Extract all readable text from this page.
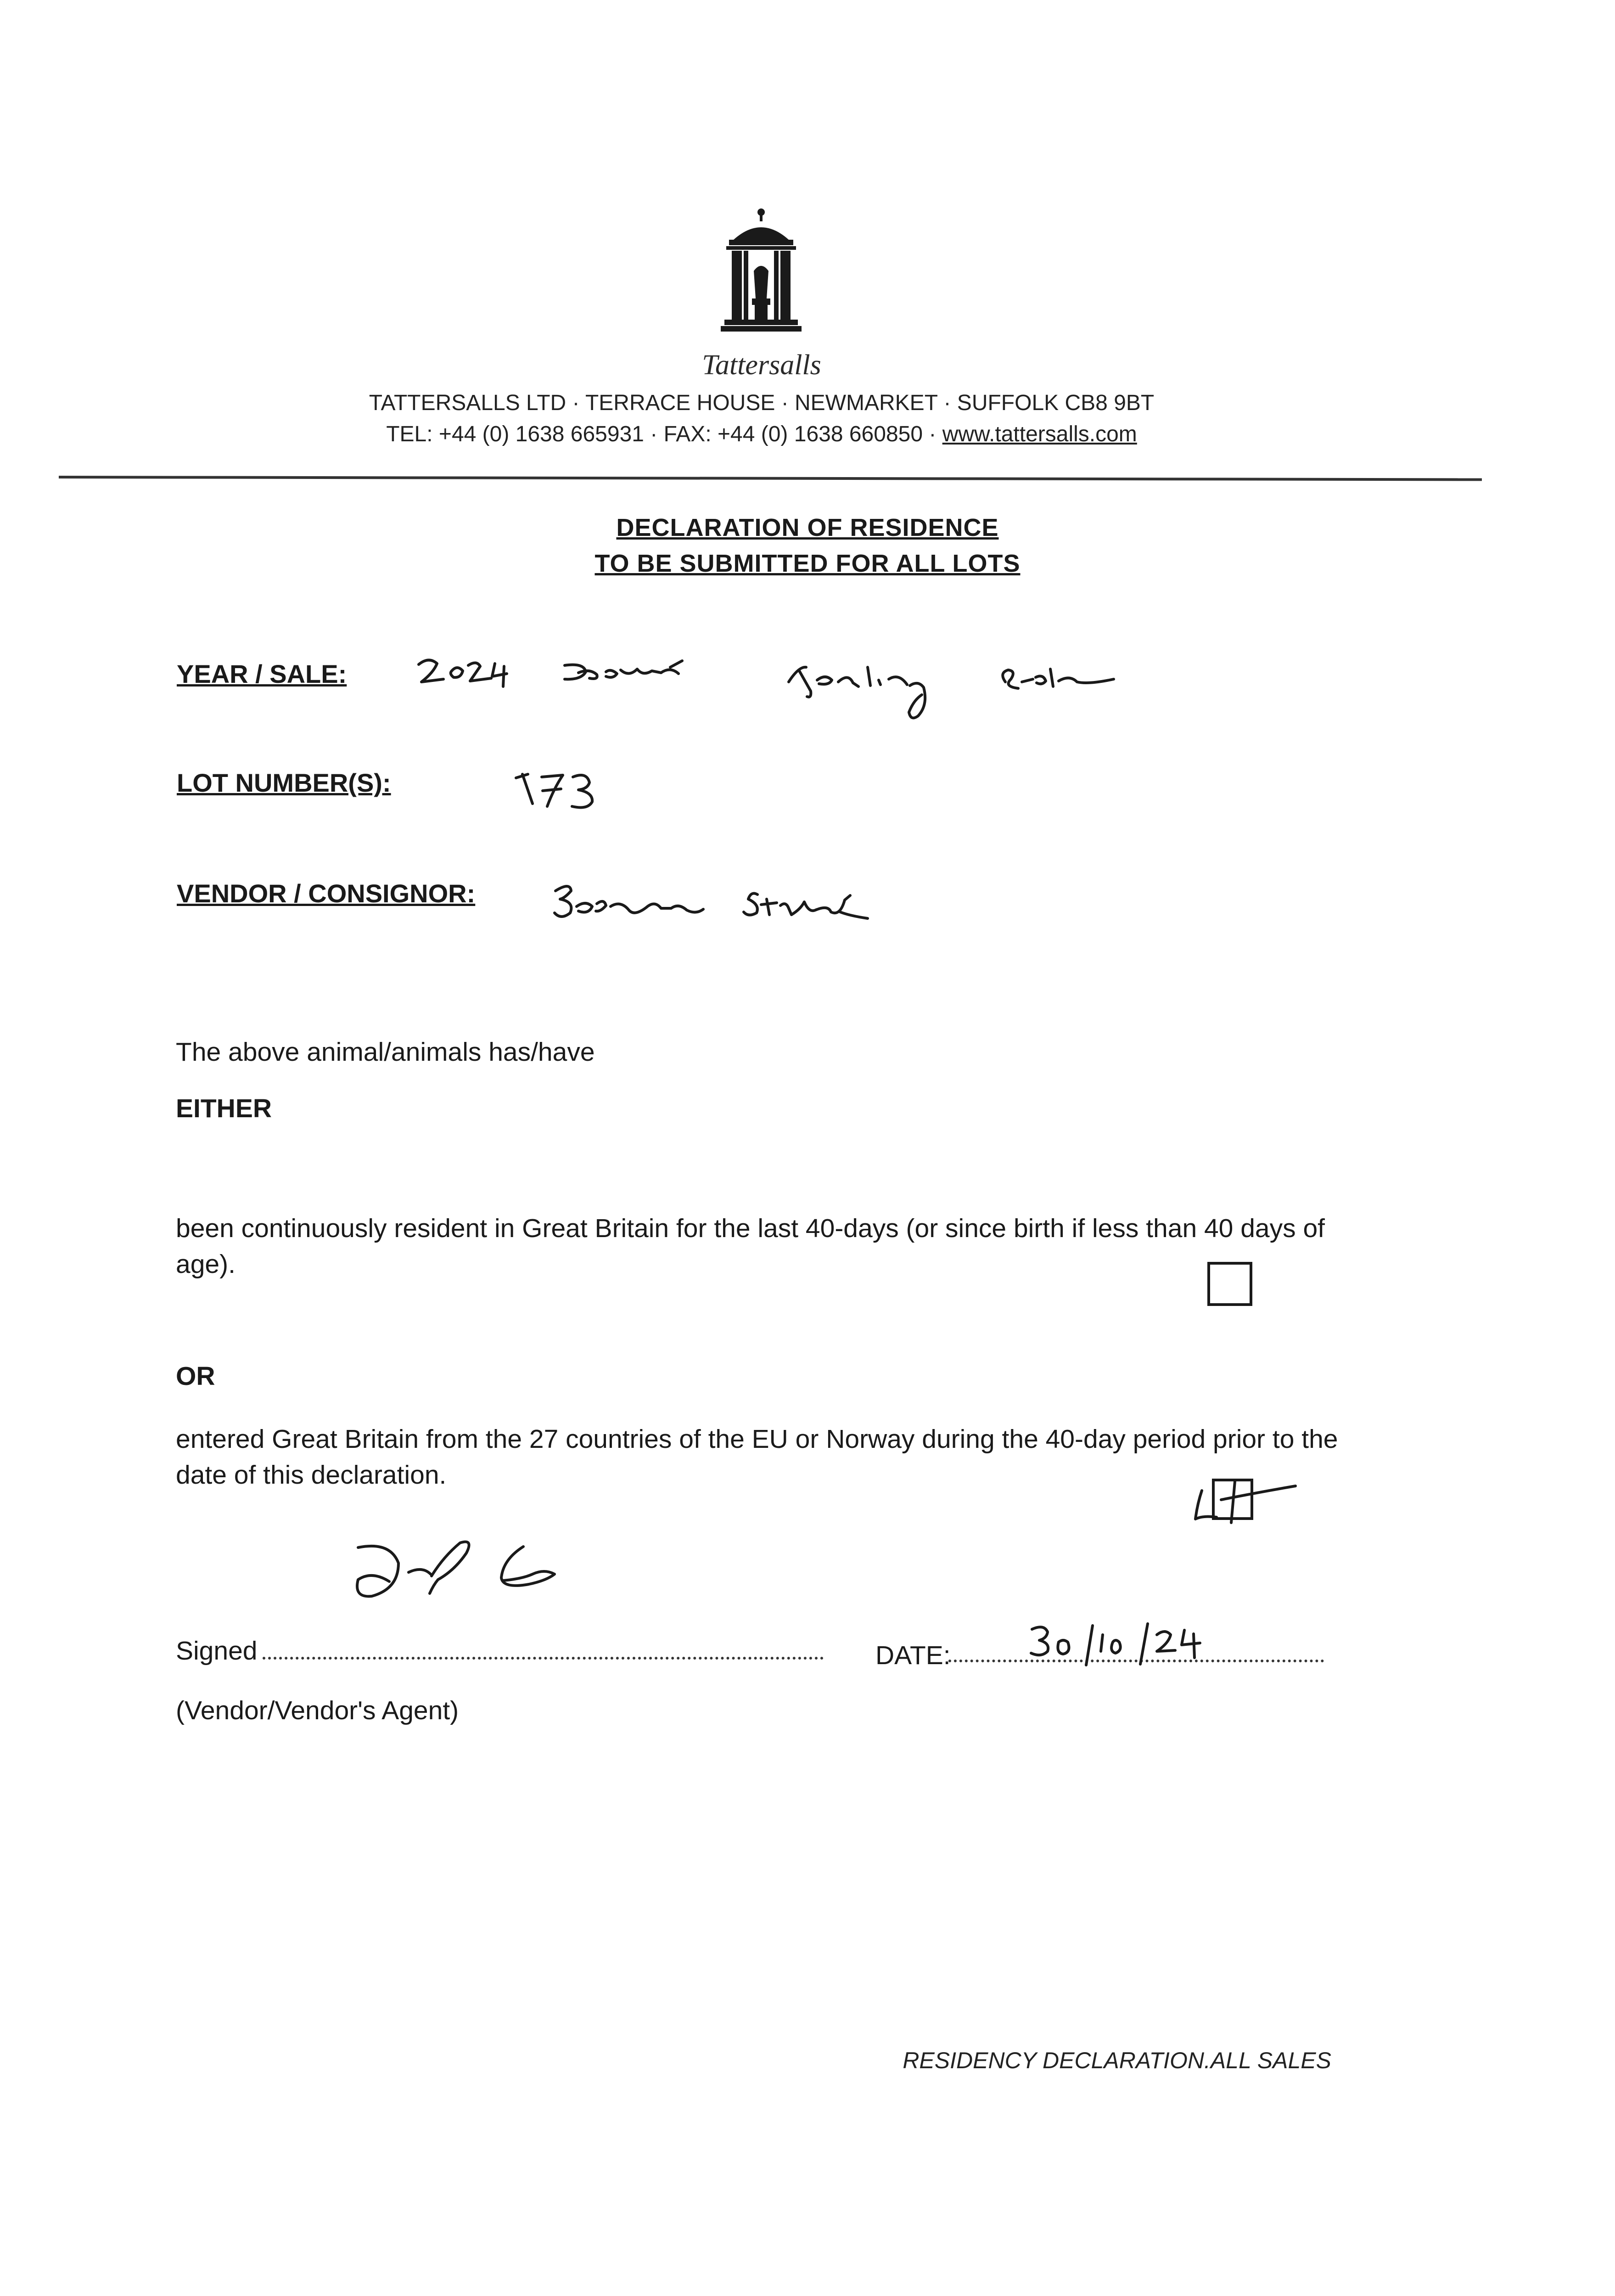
Tattersalls
TATTERSALLS LTD · TERRACE HOUSE · NEWMARKET · SUFFOLK CB8 9BT
TEL: +44 (0) 1638 665931 · FAX: +44 (0) 1638 660850 · www.tattersalls.com
DECLARATION OF RESIDENCE
TO BE SUBMITTED FOR ALL LOTS
YEAR / SALE:
LOT NUMBER(S):
VENDOR / CONSIGNOR:
The above animal/animals has/have
EITHER
been continuously resident in Great Britain for the last 40-days (or since birth if less than 40 days of age).
OR
entered Great Britain from the 27 countries of the EU or Norway during the 40-day period prior to the date of this declaration.
Signed	DATE:
(Vendor/Vendor's Agent)
RESIDENCY DECLARATION.ALL SALES
